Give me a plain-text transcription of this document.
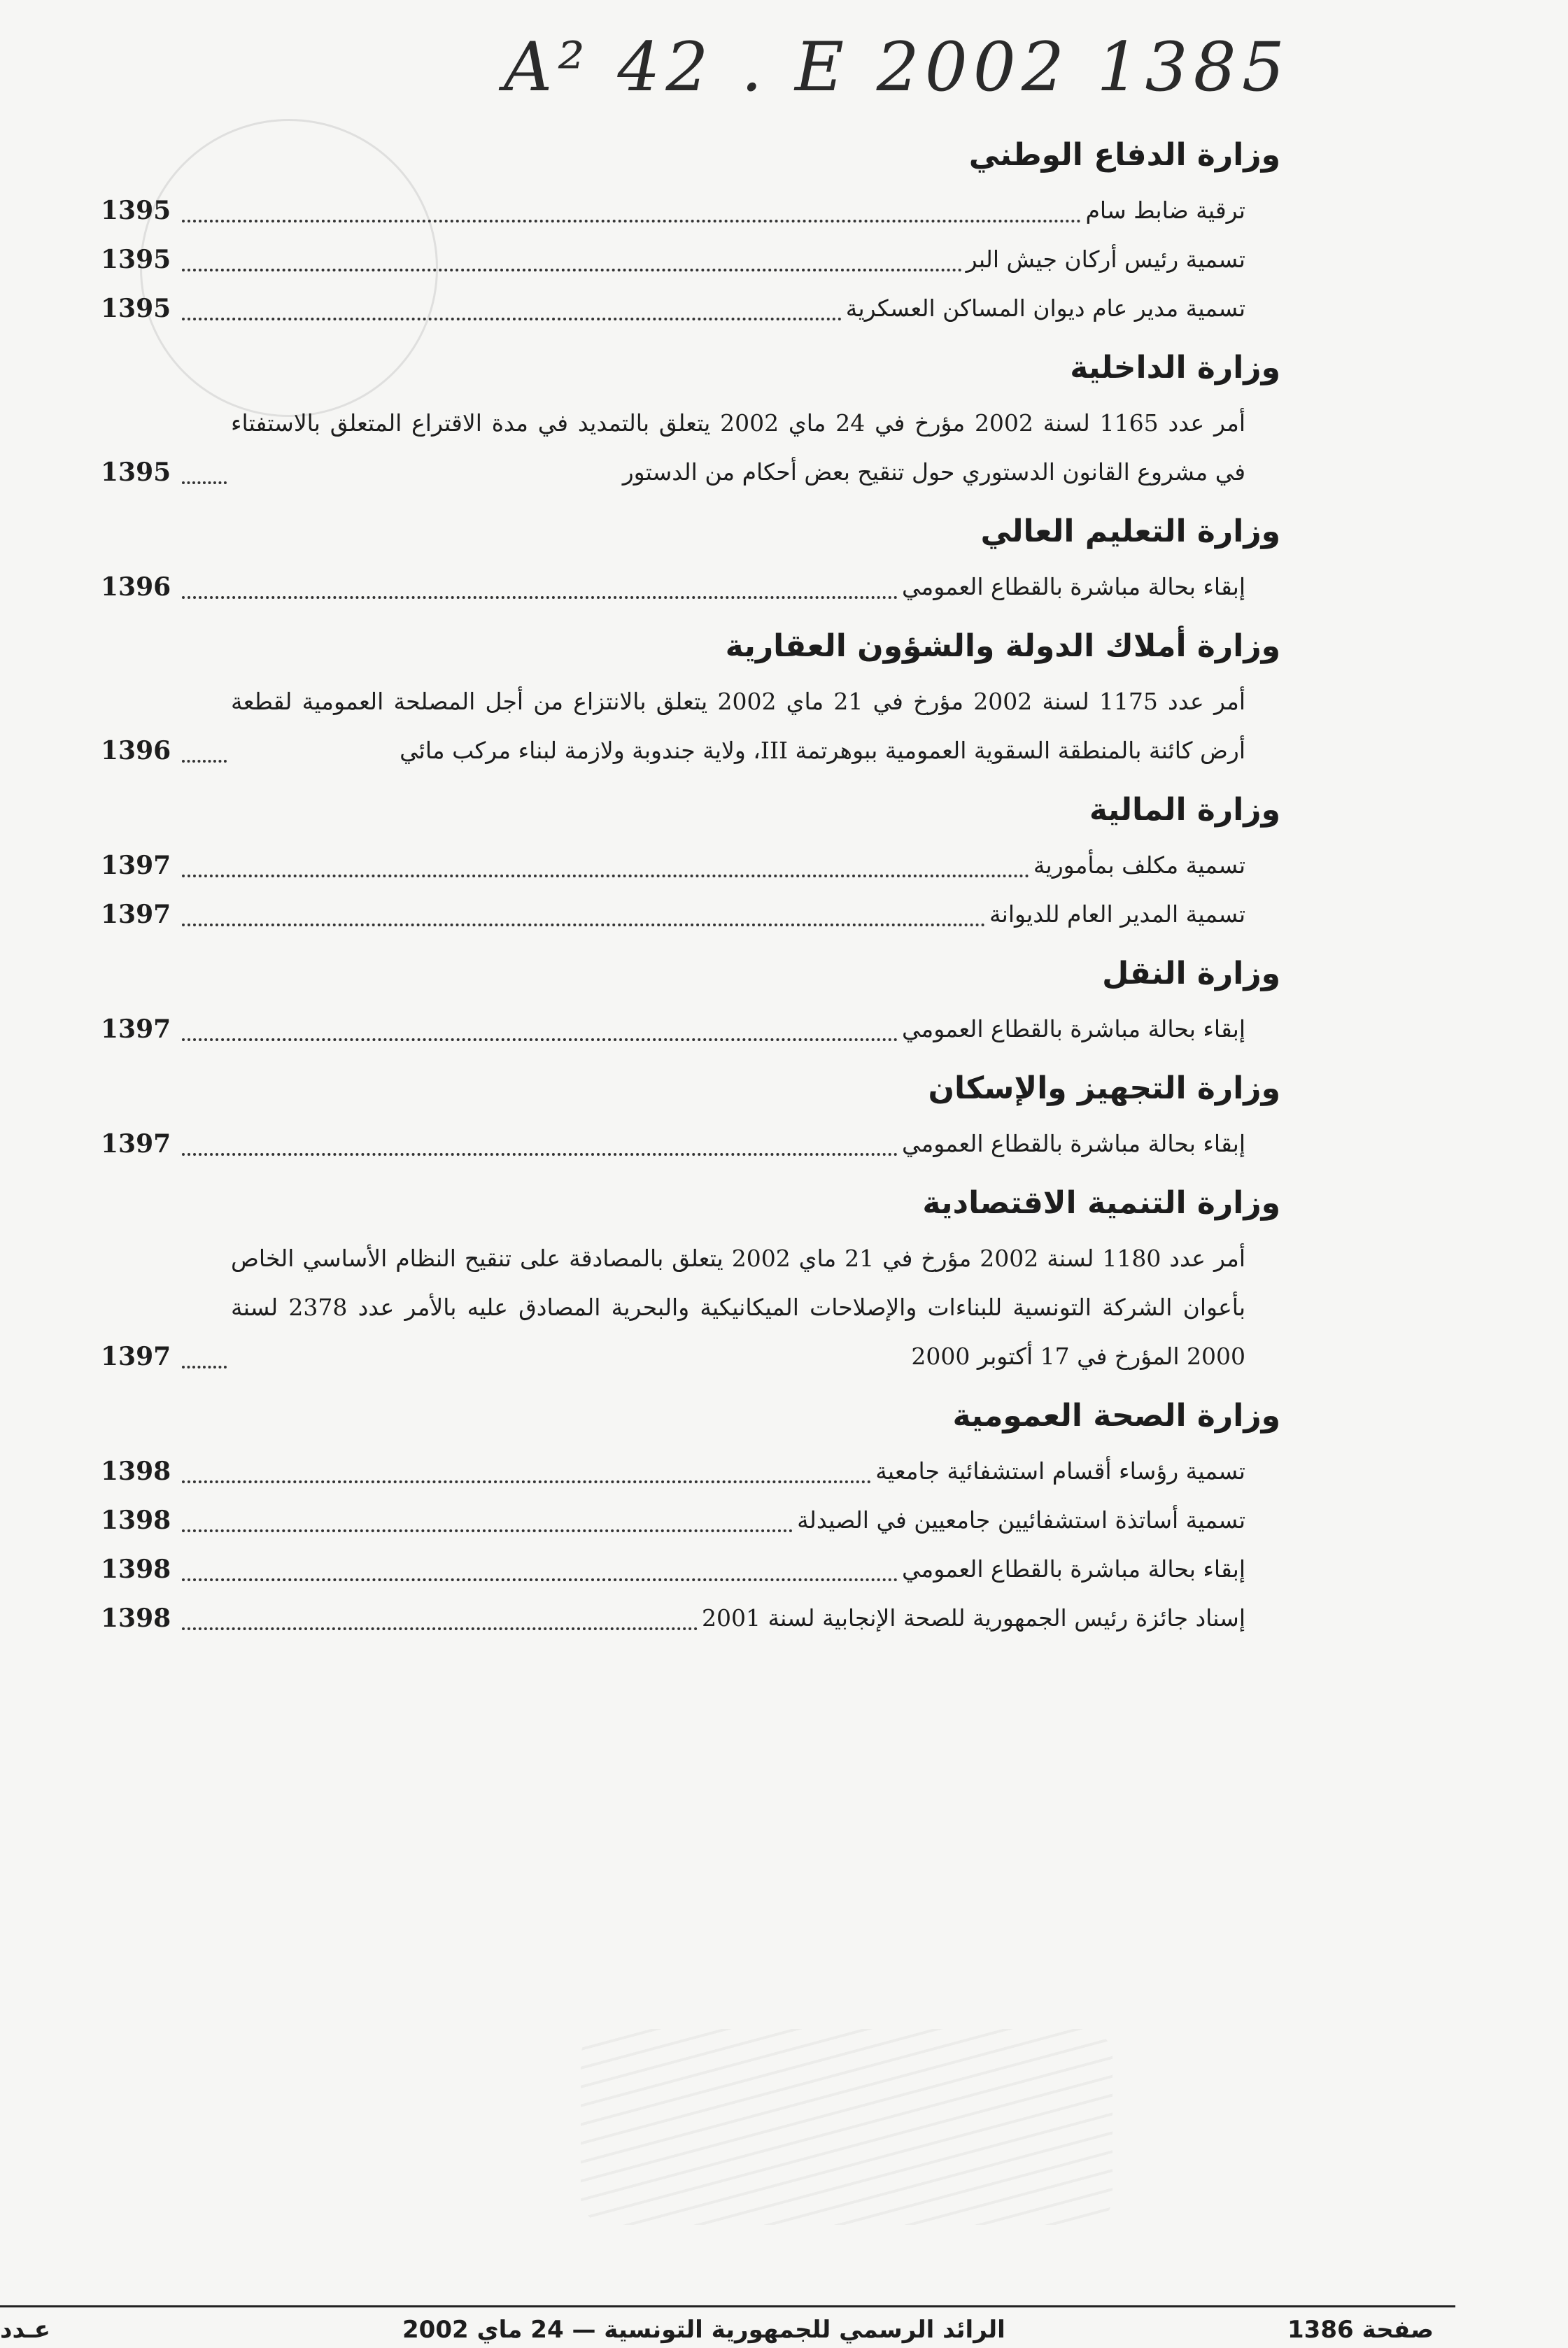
A² 42 . E 2002 1385
وزارة الدفاع الوطني
ترقية ضابط سام
1395
تسمية رئيس أركان جيش البر
1395
تسمية مدير عام ديوان المساكن العسكرية
1395
وزارة الداخلية
أمر عدد 1165 لسنة 2002 مؤرخ في 24 ماي 2002 يتعلق بالتمديد في مدة الاقتراع المتعلق بالاستفتاء في مشروع القانون الدستوري حول تنقيح بعض أحكام من الدستور
1395
وزارة التعليم العالي
إبقاء بحالة مباشرة بالقطاع العمومي
1396
وزارة أملاك الدولة والشؤون العقارية
أمر عدد 1175 لسنة 2002 مؤرخ في 21 ماي 2002 يتعلق بالانتزاع من أجل المصلحة العمومية لقطعة أرض كائنة بالمنطقة السقوية العمومية ببوهرتمة III، ولاية جندوبة ولازمة لبناء مركب مائي
1396
وزارة المالية
تسمية مكلف بمأمورية
1397
تسمية المدير العام للديوانة
1397
وزارة النقل
إبقاء بحالة مباشرة بالقطاع العمومي
1397
وزارة التجهيز والإسكان
إبقاء بحالة مباشرة بالقطاع العمومي
1397
وزارة التنمية الاقتصادية
أمر عدد 1180 لسنة 2002 مؤرخ في 21 ماي 2002 يتعلق بالمصادقة على تنقيح النظام الأساسي الخاص بأعوان الشركة التونسية للبناءات والإصلاحات الميكانيكية والبحرية المصادق عليه بالأمر عدد 2378 لسنة 2000 المؤرخ في 17 أكتوبر 2000
1397
وزارة الصحة العمومية
تسمية رؤساء أقسام استشفائية جامعية
1398
تسمية أساتذة استشفائيين جامعيين في الصيدلة
1398
إبقاء بحالة مباشرة بالقطاع العمومي
1398
إسناد جائزة رئيس الجمهورية للصحة الإنجابية لسنة 2001
1398
عـدد	الرائد الرسمي للجمهورية التونسية — 24 ماي 2002	صفحة 1386
